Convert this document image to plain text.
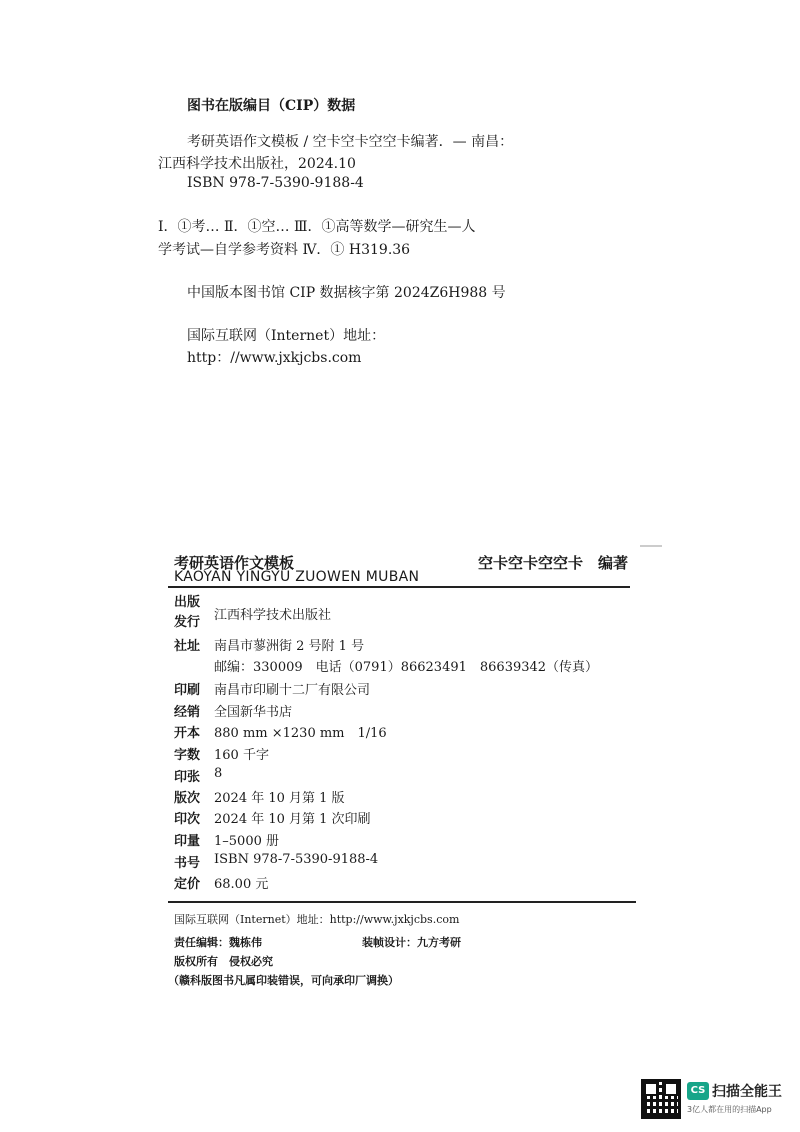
图书在版编目（CIP）数据
考研英语作文模板 / 空卡空卡空空卡编著．— 南昌：
江西科学技术出版社，2024.10
ISBN 978-7-5390-9188-4
Ⅰ．①考… Ⅱ．①空… Ⅲ．①高等数学—研究生—人
学考试—自学参考资料 Ⅳ．① H319.36
中国版本图书馆 CIP 数据核字第 2024Z6H988 号
国际互联网（Internet）地址：
http：//www.jxkjcbs.com
考研英语作文模板
KAOYAN YINGYU ZUOWEN MUBAN
空卡空卡空空卡　编著
出版
发行 江西科学技术出版社
社址 南昌市蓼洲街 2 号附 1 号
邮编：330009　电话（0791）86623491　86639342（传真）
印刷 南昌市印刷十二厂有限公司
经销 全国新华书店
开本 880 mm ×1230 mm　1/16
字数 160 千字
印张 8
版次 2024 年 10 月第 1 版
印次 2024 年 10 月第 1 次印刷
印量 1–5000 册
书号 ISBN 978-7-5390-9188-4
定价 68.00 元
国际互联网（Internet）地址：http://www.jxkjcbs.com
责任编辑：魏栋伟	装帧设计：九方考研
版权所有　侵权必究
（赣科版图书凡属印装错误，可向承印厂调换）
CS 扫描全能王
3亿人都在用的扫描App
